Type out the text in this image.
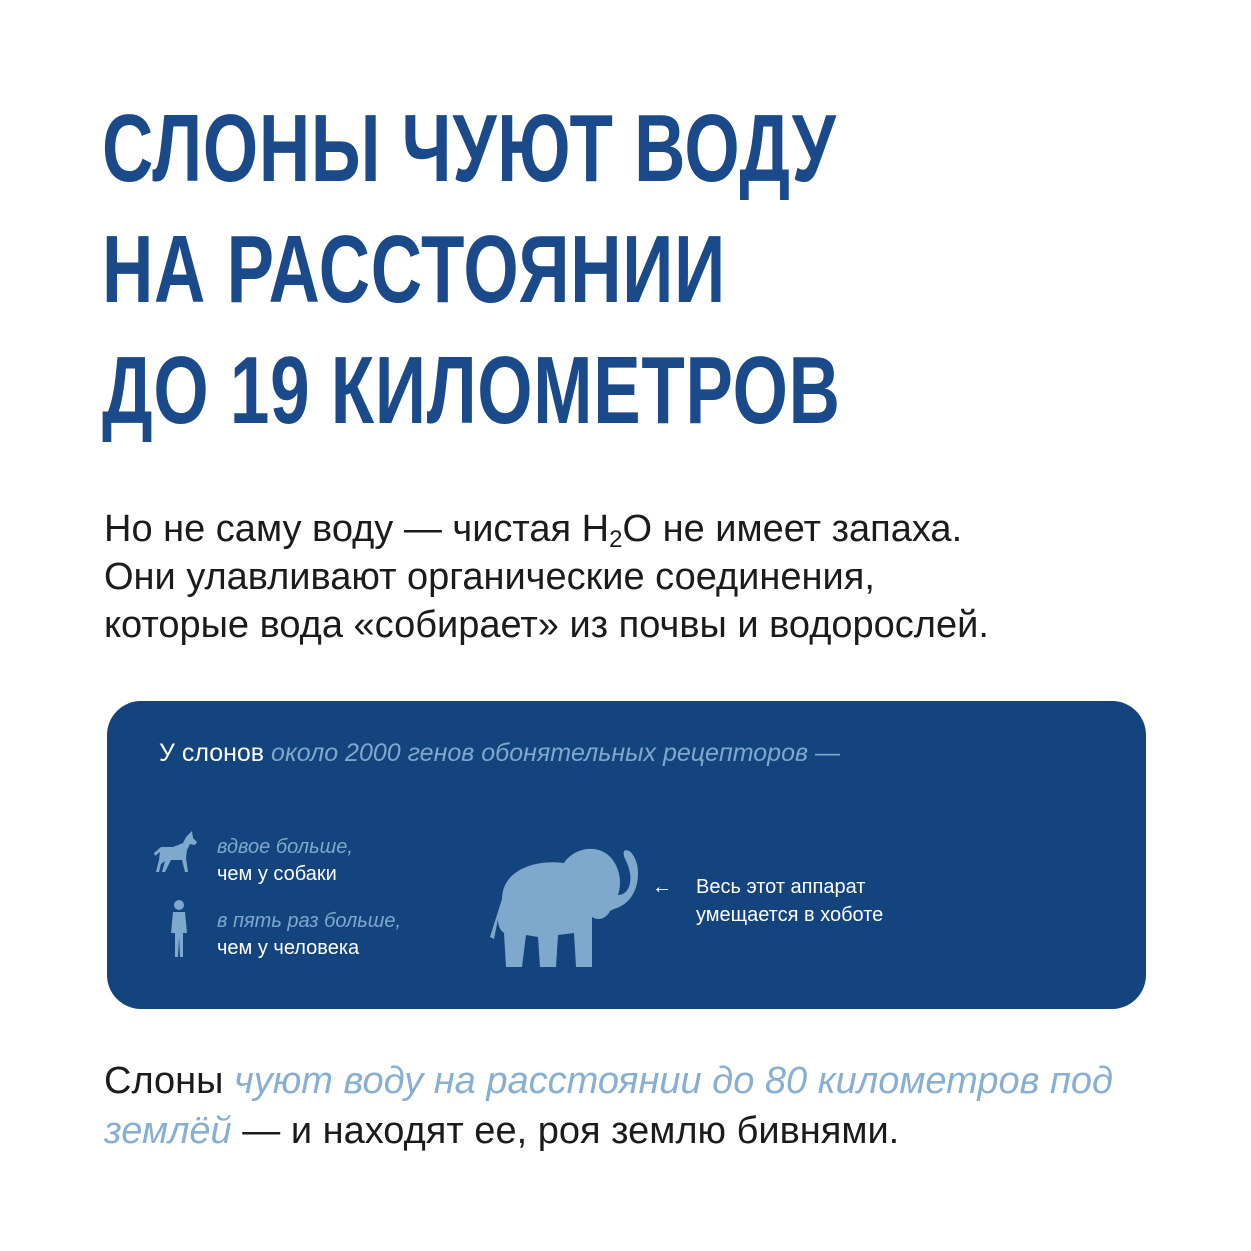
СЛОНЫ ЧУЮТ ВОДУ
НА РАССТОЯНИИ
ДО 19 КИЛОМЕТРОВ

Но не саму воду — чистая $H_2O$ не имеет запаха.
Они улавливают органические соединения,
которые вода «собирает» из почвы и водорослей.

У слонов около 2000 генов обонятельных рецепторов —
вдвое больше,
чем у собаки
в пять раз больше,
чем у человека
← Весь этот аппарат
умещается в хоботе

Слоны чуют воду на расстоянии до 80 километров под землёй — и находят ее, роя землю бивнями.
